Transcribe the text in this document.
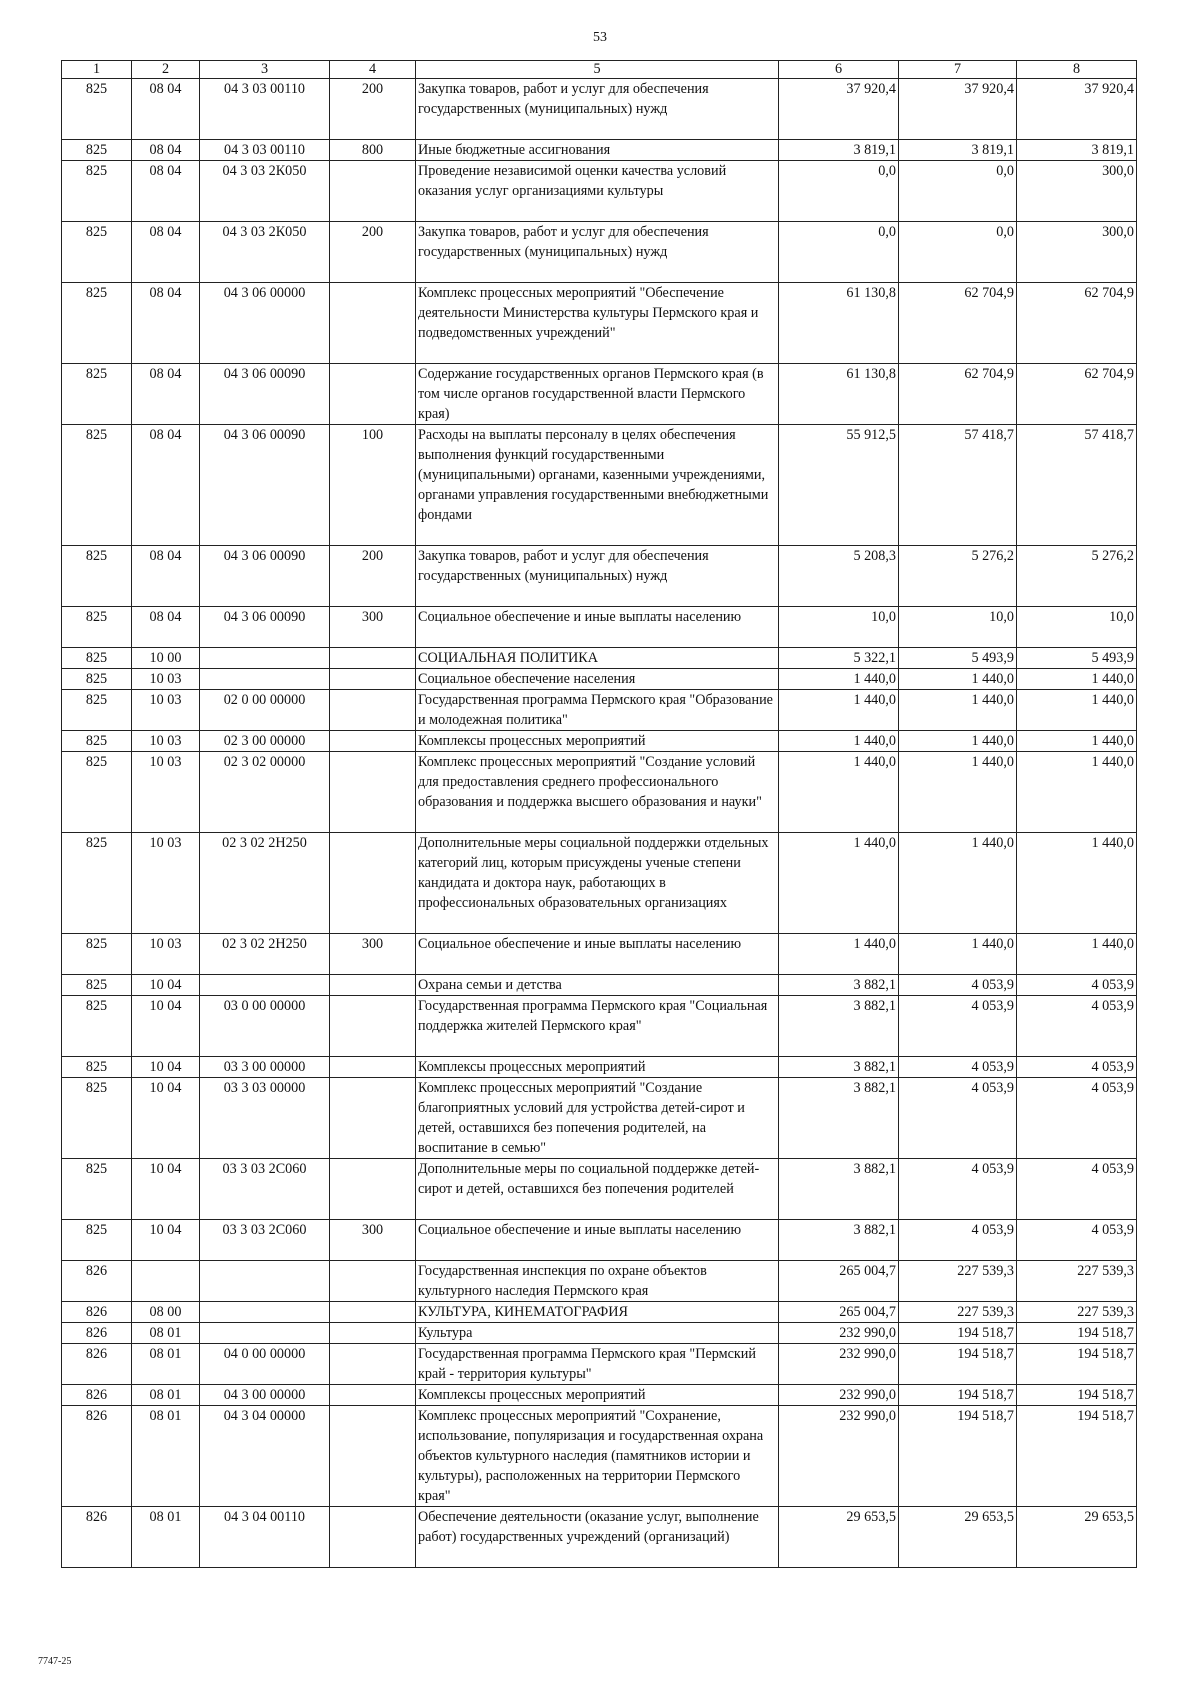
53
1	2	3	4	5	6	7	8
825	08 04	04 3 03 00110	200	Закупка товаров, работ и услуг для обеспечения государственных (муниципальных) нужд	37 920,4	37 920,4	37 920,4
825	08 04	04 3 03 00110	800	Иные бюджетные ассигнования	3 819,1	3 819,1	3 819,1
825	08 04	04 3 03 2К050		Проведение независимой оценки качества условий оказания услуг организациями культуры	0,0	0,0	300,0
825	08 04	04 3 03 2К050	200	Закупка товаров, работ и услуг для обеспечения государственных (муниципальных) нужд	0,0	0,0	300,0
825	08 04	04 3 06 00000		Комплекс процессных мероприятий "Обеспечение деятельности Министерства культуры Пермского края и подведомственных учреждений"	61 130,8	62 704,9	62 704,9
825	08 04	04 3 06 00090		Содержание государственных органов Пермского края (в том числе органов государственной власти Пермского края)	61 130,8	62 704,9	62 704,9
825	08 04	04 3 06 00090	100	Расходы на выплаты персоналу в целях обеспечения выполнения функций государственными (муниципальными) органами, казенными учреждениями, органами управления государственными внебюджетными фондами	55 912,5	57 418,7	57 418,7
825	08 04	04 3 06 00090	200	Закупка товаров, работ и услуг для обеспечения государственных (муниципальных) нужд	5 208,3	5 276,2	5 276,2
825	08 04	04 3 06 00090	300	Социальное обеспечение и иные выплаты населению	10,0	10,0	10,0
825	10 00			СОЦИАЛЬНАЯ ПОЛИТИКА	5 322,1	5 493,9	5 493,9
825	10 03			Социальное обеспечение населения	1 440,0	1 440,0	1 440,0
825	10 03	02 0 00 00000		Государственная программа Пермского края "Образование и молодежная политика"	1 440,0	1 440,0	1 440,0
825	10 03	02 3 00 00000		Комплексы процессных мероприятий	1 440,0	1 440,0	1 440,0
825	10 03	02 3 02 00000		Комплекс процессных мероприятий "Создание условий для предоставления среднего профессионального образования и поддержка высшего образования и науки"	1 440,0	1 440,0	1 440,0
825	10 03	02 3 02 2Н250		Дополнительные меры социальной поддержки отдельных категорий лиц, которым присуждены ученые степени кандидата и доктора наук, работающих в профессиональных образовательных организациях	1 440,0	1 440,0	1 440,0
825	10 03	02 3 02 2Н250	300	Социальное обеспечение и иные выплаты населению	1 440,0	1 440,0	1 440,0
825	10 04			Охрана семьи и детства	3 882,1	4 053,9	4 053,9
825	10 04	03 0 00 00000		Государственная программа Пермского края "Социальная поддержка жителей Пермского края"	3 882,1	4 053,9	4 053,9
825	10 04	03 3 00 00000		Комплексы процессных мероприятий	3 882,1	4 053,9	4 053,9
825	10 04	03 3 03 00000		Комплекс процессных мероприятий "Создание благоприятных условий для устройства детей-сирот и детей, оставшихся без попечения родителей, на воспитание в семью"	3 882,1	4 053,9	4 053,9
825	10 04	03 3 03 2С060		Дополнительные меры по социальной поддержке детей-сирот и детей, оставшихся без попечения родителей	3 882,1	4 053,9	4 053,9
825	10 04	03 3 03 2С060	300	Социальное обеспечение и иные выплаты населению	3 882,1	4 053,9	4 053,9
826				Государственная инспекция по охране объектов культурного наследия Пермского края	265 004,7	227 539,3	227 539,3
826	08 00			КУЛЬТУРА, КИНЕМАТОГРАФИЯ	265 004,7	227 539,3	227 539,3
826	08 01			Культура	232 990,0	194 518,7	194 518,7
826	08 01	04 0 00 00000		Государственная программа Пермского края "Пермский край - территория культуры"	232 990,0	194 518,7	194 518,7
826	08 01	04 3 00 00000		Комплексы процессных мероприятий	232 990,0	194 518,7	194 518,7
826	08 01	04 3 04 00000		Комплекс процессных мероприятий "Сохранение, использование, популяризация и государственная охрана объектов культурного наследия (памятников истории и культуры), расположенных на территории Пермского края"	232 990,0	194 518,7	194 518,7
826	08 01	04 3 04 00110		Обеспечение деятельности (оказание услуг, выполнение работ) государственных учреждений (организаций)	29 653,5	29 653,5	29 653,5
7747-25
